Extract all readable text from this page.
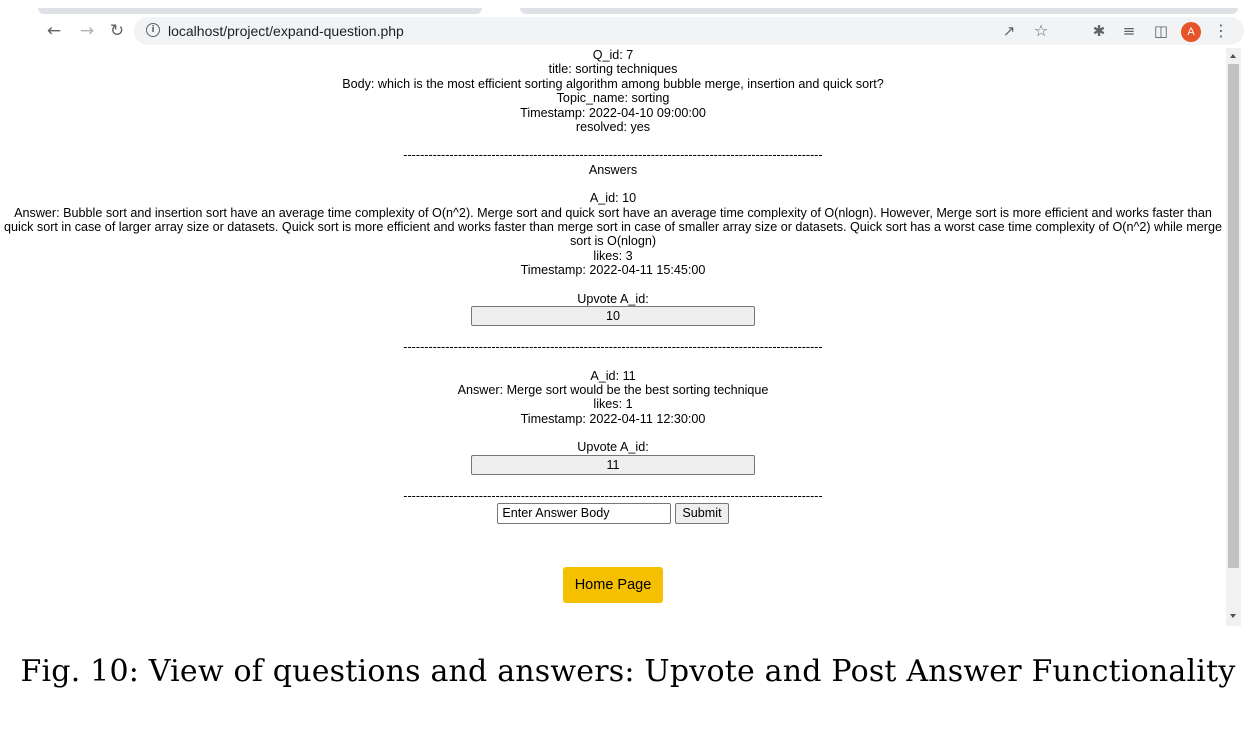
←	→ ↻	i localhost/project/expand-question.php	↗	☆	✱	≡	◫	A	⋮
Q_id: 7
title: sorting techniques
Body: which is the most efficient sorting algorithm among bubble merge, insertion and quick sort?
Topic_name: sorting
Timestamp: 2022-04-10 09:00:00
resolved: yes
----------------------------------------------------------------------------------------------------
Answers
A_id: 10
Answer: Bubble sort and insertion sort have an average time complexity of O(n^2). Merge sort and quick sort have an average time complexity of O(nlogn). However, Merge sort is more efficient and works faster than quick sort in case of larger array size or datasets. Quick sort is more efficient and works faster than merge sort in case of smaller array size or datasets. Quick sort has a worst case time complexity of O(n^2) while merge sort is O(nlogn)
likes: 3
Timestamp: 2022-04-11 15:45:00
Upvote A_id:
10
----------------------------------------------------------------------------------------------------
A_id: 11
Answer: Merge sort would be the best sorting technique
likes: 1
Timestamp: 2022-04-11 12:30:00
Upvote A_id:
11
----------------------------------------------------------------------------------------------------
Enter Answer Body	Submit
Home Page
Fig. 10: View of questions and answers: Upvote and Post Answer Functionality
